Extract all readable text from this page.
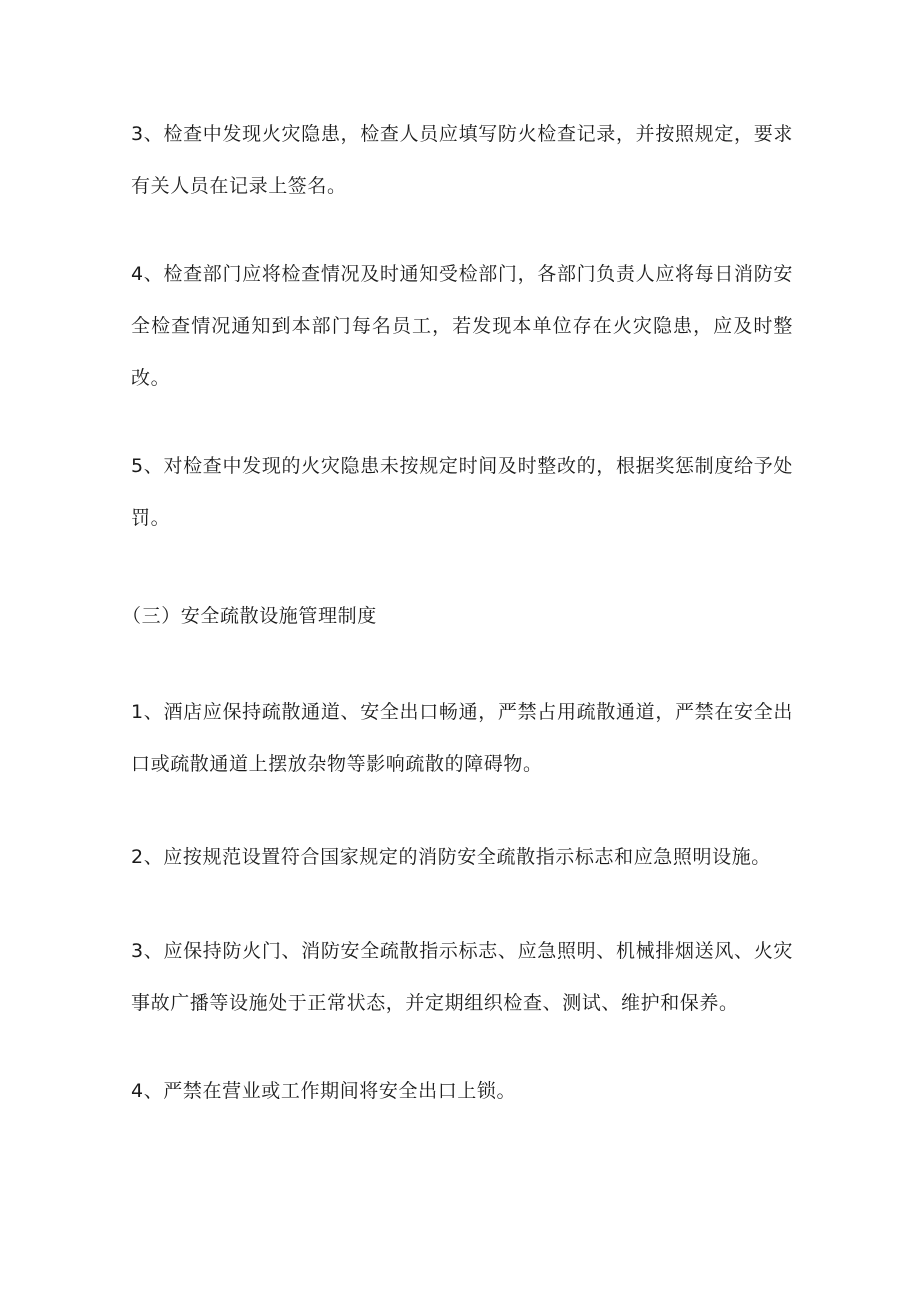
3、检查中发现火灾隐患，检查人员应填写防火检查记录，并按照规定，要求有关人员在记录上签名。

4、检查部门应将检查情况及时通知受检部门，各部门负责人应将每日消防安全检查情况通知到本部门每名员工，若发现本单位存在火灾隐患，应及时整改。

5、对检查中发现的火灾隐患未按规定时间及时整改的，根据奖惩制度给予处罚。

（三）安全疏散设施管理制度

1、酒店应保持疏散通道、安全出口畅通，严禁占用疏散通道，严禁在安全出口或疏散通道上摆放杂物等影响疏散的障碍物。

2、应按规范设置符合国家规定的消防安全疏散指示标志和应急照明设施。

3、应保持防火门、消防安全疏散指示标志、应急照明、机械排烟送风、火灾事故广播等设施处于正常状态，并定期组织检查、测试、维护和保养。

4、严禁在营业或工作期间将安全出口上锁。
